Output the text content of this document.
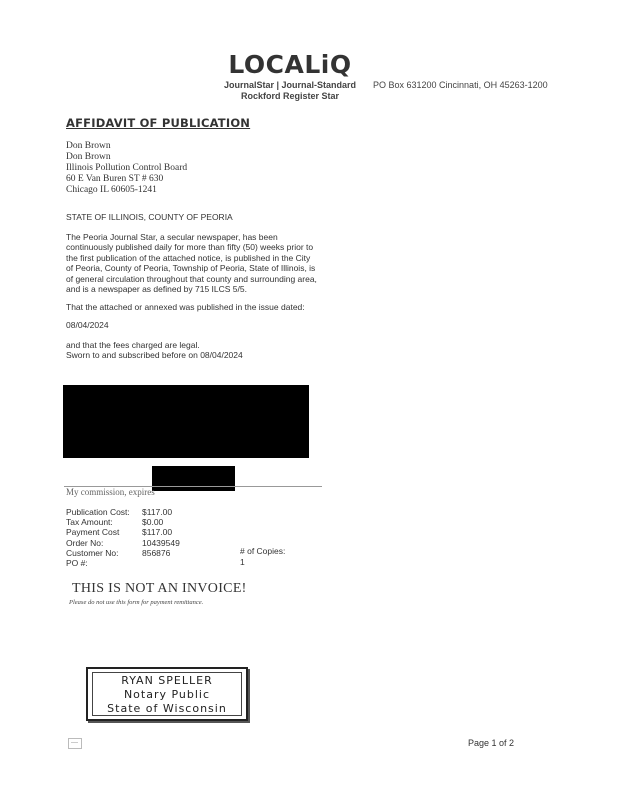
LOCALiQ
JournalStar | Journal-Standard
Rockford Register Star
PO Box 631200 Cincinnati, OH 45263-1200
AFFIDAVIT OF PUBLICATION
Don Brown
Don Brown
Illinois Pollution Control Board
60 E Van Buren ST # 630
Chicago IL 60605-1241
STATE OF ILLINOIS, COUNTY OF PEORIA
The Peoria Journal Star, a secular newspaper, has been
continuously published daily for more than fifty (50) weeks prior to
the first publication of the attached notice, is published in the City
of Peoria, County of Peoria, Township of Peoria, State of Illinois, is
of general circulation throughout that county and surrounding area,
and is a newspaper as defined by 715 ILCS 5/5.
That the attached or annexed was published in the issue dated:
08/04/2024
and that the fees charged are legal.
Sworn to and subscribed before on 08/04/2024
My commission, expires
Publication Cost:	$117.00
Tax Amount:	$0.00
Payment Cost	$117.00
Order No:	10439549
Customer No:	856876
PO #:
# of Copies:
1
THIS IS NOT AN INVOICE!
Please do not use this form for payment remittance.
RYAN SPELLER
Notary Public
State of Wisconsin
Page 1 of 2
